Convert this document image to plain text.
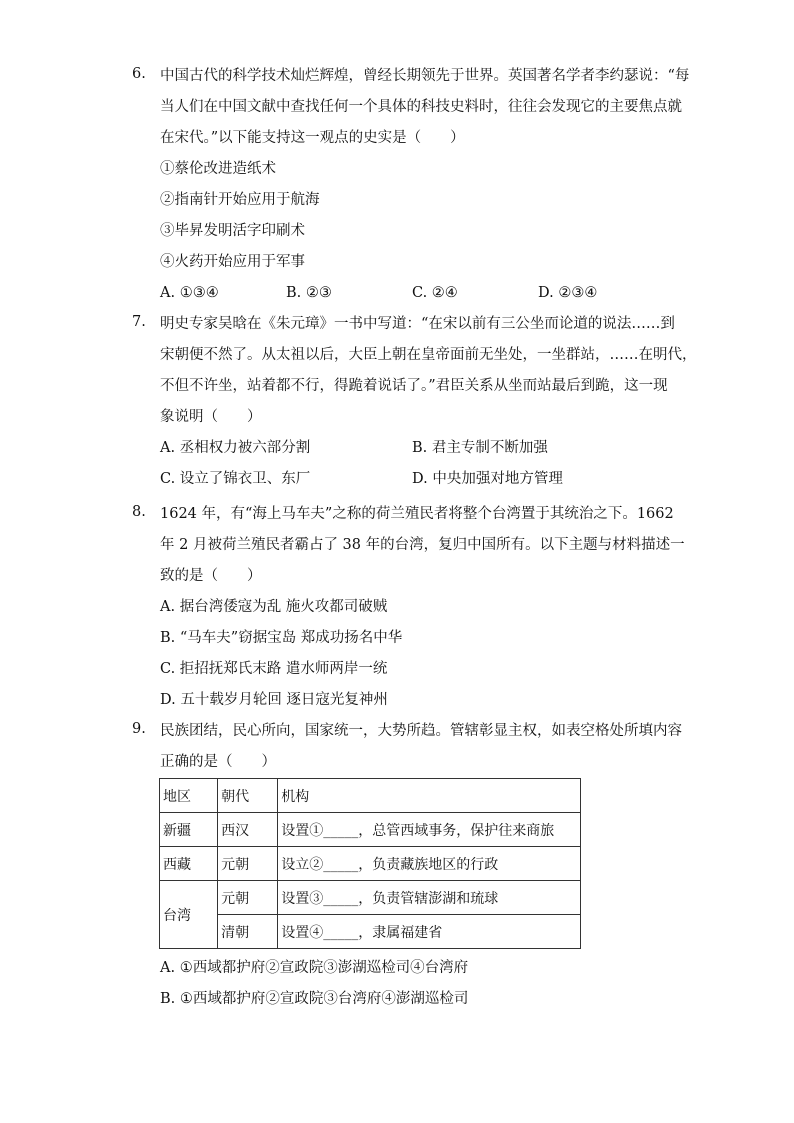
6. 中国古代的科学技术灿烂辉煌，曾经长期领先于世界。英国著名学者李约瑟说：“每
当人们在中国文献中查找任何一个具体的科技史料时，往往会发现它的主要焦点就
在宋代。”以下能支持这一观点的史实是（　　）
①蔡伦改进造纸术
②指南针开始应用于航海
③毕昇发明活字印刷术
④火药开始应用于军事
A. ①③④	B. ②③	C. ②④	D. ②③④
7. 明史专家吴晗在《朱元璋》一书中写道：“在宋以前有三公坐而论道的说法……到
宋朝便不然了。从太祖以后，大臣上朝在皇帝面前无坐处，一坐群站，……在明代，
不但不许坐，站着都不行，得跪着说话了。”君臣关系从坐而站最后到跪，这一现
象说明（　　）
A. 丞相权力被六部分割	B. 君主专制不断加强
C. 设立了锦衣卫、东厂	D. 中央加强对地方管理
8. 1624 年，有“海上马车夫”之称的荷兰殖民者将整个台湾置于其统治之下。1662
年 2 月被荷兰殖民者霸占了 38 年的台湾，复归中国所有。以下主题与材料描述一
致的是（　　）
A. 据台湾倭寇为乱 施火攻都司破贼
B. “马车夫”窃据宝岛 郑成功扬名中华
C. 拒招抚郑氏末路 遣水师两岸一统
D. 五十载岁月轮回 逐日寇光复神州
9. 民族团结，民心所向，国家统一，大势所趋。管辖彰显主权，如表空格处所填内容
正确的是（　　）
地区	朝代	机构
新疆	西汉	设置①_____，总管西域事务，保护往来商旅
西藏	元朝	设立②_____，负责藏族地区的行政
台湾	元朝	设置③_____，负责管辖澎湖和琉球
	清朝	设置④_____，隶属福建省
A. ①西域都护府②宣政院③澎湖巡检司④台湾府
B. ①西域都护府②宣政院③台湾府④澎湖巡检司
